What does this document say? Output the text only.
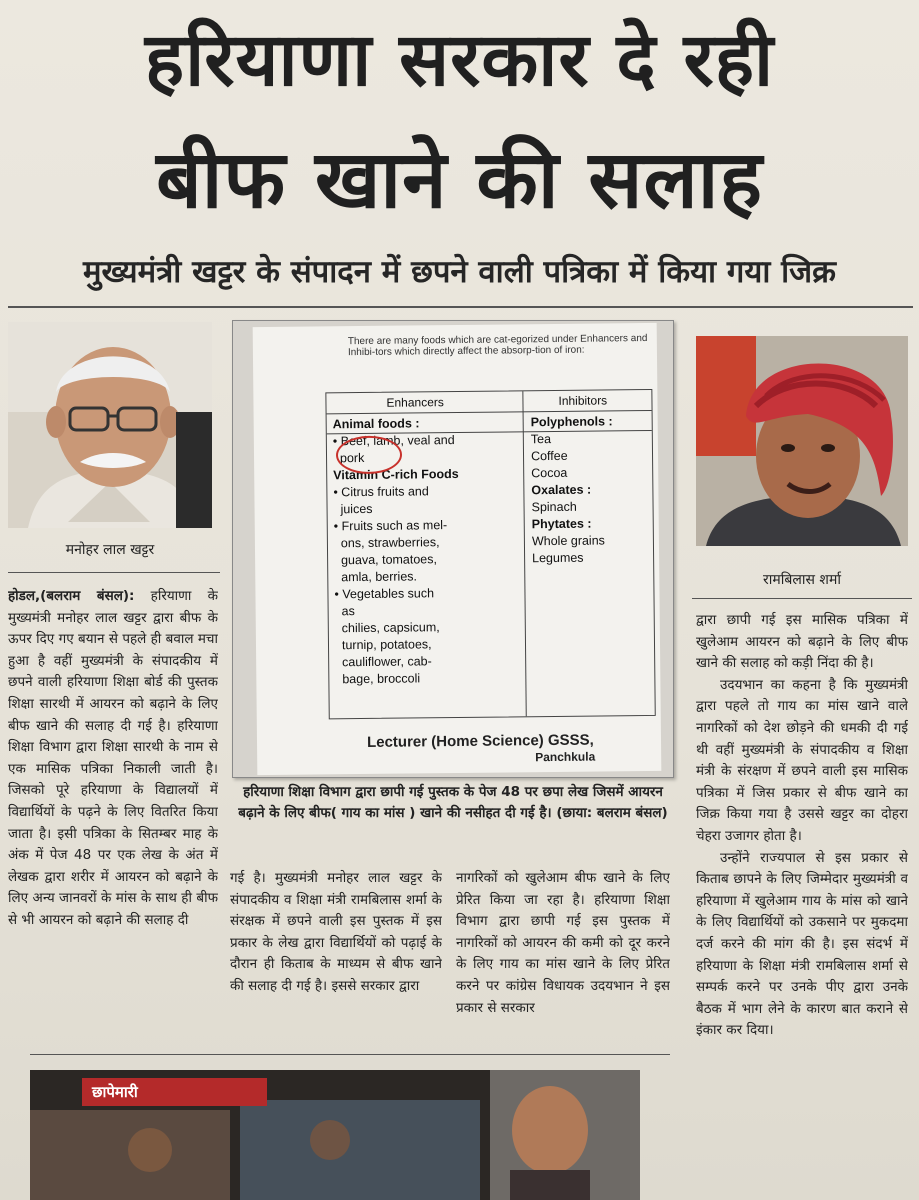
हरियाणा सरकार दे रही
बीफ खाने की सलाह
मुख्यमंत्री खट्टर के संपादन में छपने वाली पत्रिका में किया गया जिक्र
मनोहर लाल खट्टर
रामबिलास शर्मा
There are many foods which are cat-egorized under Enhancers and Inhibi-tors which directly affect the absorp-tion of iron:
Enhancers	Inhibitors
Animal foods :
• Beef, lamb, veal and
pork
Vitamin C-rich Foods
• Citrus fruits and
juices
• Fruits such as mel-
ons, strawberries,
guava, tomatoes,
amla, berries.
• Vegetables such
as
chilies, capsicum,
turnip, potatoes,
cauliflower, cab-
bage, broccoli
Polyphenols :
Tea
Coffee
Cocoa
Oxalates :
Spinach
Phytates :
Whole grains
Legumes
Lecturer (Home Science) GSSS,
Panchkula
हरियाणा शिक्षा विभाग द्वारा छापी गई पुस्तक के पेज 48 पर छपा लेख जिसमें आयरन बढ़ाने के लिए बीफ( गाय का मांस ) खाने की नसीहत दी गई है। (छाया: बलराम बंसल)

होडल,(बलराम बंसल): हरियाणा के मुख्यमंत्री मनोहर लाल खट्टर द्वारा बीफ के ऊपर दिए गए बयान से पहले ही बवाल मचा हुआ है वहीं मुख्यमंत्री के संपादकीय में छपने वाली हरियाणा शिक्षा बोर्ड की पुस्तक शिक्षा सारथी में आयरन को बढ़ाने के लिए बीफ खाने की सलाह दी गई है। हरियाणा शिक्षा विभाग द्वारा शिक्षा सारथी के नाम से एक मासिक पत्रिका निकाली जाती है। जिसको पूरे हरियाणा के विद्यालयों में विद्यार्थियों के पढ़ने के लिए वितरित किया जाता है। इसी पत्रिका के सितम्बर माह के अंक में पेज 48 पर एक लेख के अंत में लेखक द्वारा शरीर में आयरन को बढ़ाने के लिए अन्य जानवरों के मांस के साथ ही बीफ से भी आयरन को बढ़ाने की सलाह दी

गई है। मुख्यमंत्री मनोहर लाल खट्टर के संपादकीय व शिक्षा मंत्री रामबिलास शर्मा के संरक्षक में छपने वाली इस पुस्तक में इस प्रकार के लेख द्वारा विद्यार्थियों को पढ़ाई के दौरान ही किताब के माध्यम से बीफ खाने की सलाह दी गई है। इससे सरकार द्वारा

नागरिकों को खुलेआम बीफ खाने के लिए प्रेरित किया जा रहा है। हरियाणा शिक्षा विभाग द्वारा छापी गई इस पुस्तक में नागरिकों को आयरन की कमी को दूर करने के लिए गाय का मांस खाने के लिए प्रेरित करने पर कांग्रेस विधायक उदयभान ने इस प्रकार से सरकार

द्वारा छापी गई इस मासिक पत्रिका में खुलेआम आयरन को बढ़ाने के लिए बीफ खाने की सलाह को कड़ी निंदा की है।

उदयभान का कहना है कि मुख्यमंत्री द्वारा पहले तो गाय का मांस खाने वाले नागरिकों को देश छोड़ने की धमकी दी गई थी वहीं मुख्यमंत्री के संपादकीय व शिक्षा मंत्री के संरक्षण में छपने वाली इस मासिक पत्रिका में जिस प्रकार से बीफ खाने का जिक्र किया गया है उससे खट्टर का दोहरा चेहरा उजागर होता है।

उन्होंने राज्यपाल से इस प्रकार से किताब छापने के लिए जिम्मेदार मुख्यमंत्री व हरियाणा में खुलेआम गाय के मांस को खाने के लिए विद्यार्थियों को उकसाने पर मुकदमा दर्ज करने की मांग की है। इस संदर्भ में हरियाणा के शिक्षा मंत्री रामबिलास शर्मा से सम्पर्क करने पर उनके पीए द्वारा उनके बैठक में भाग लेने के कारण बात कराने से इंकार कर दिया।

छापेमारी
